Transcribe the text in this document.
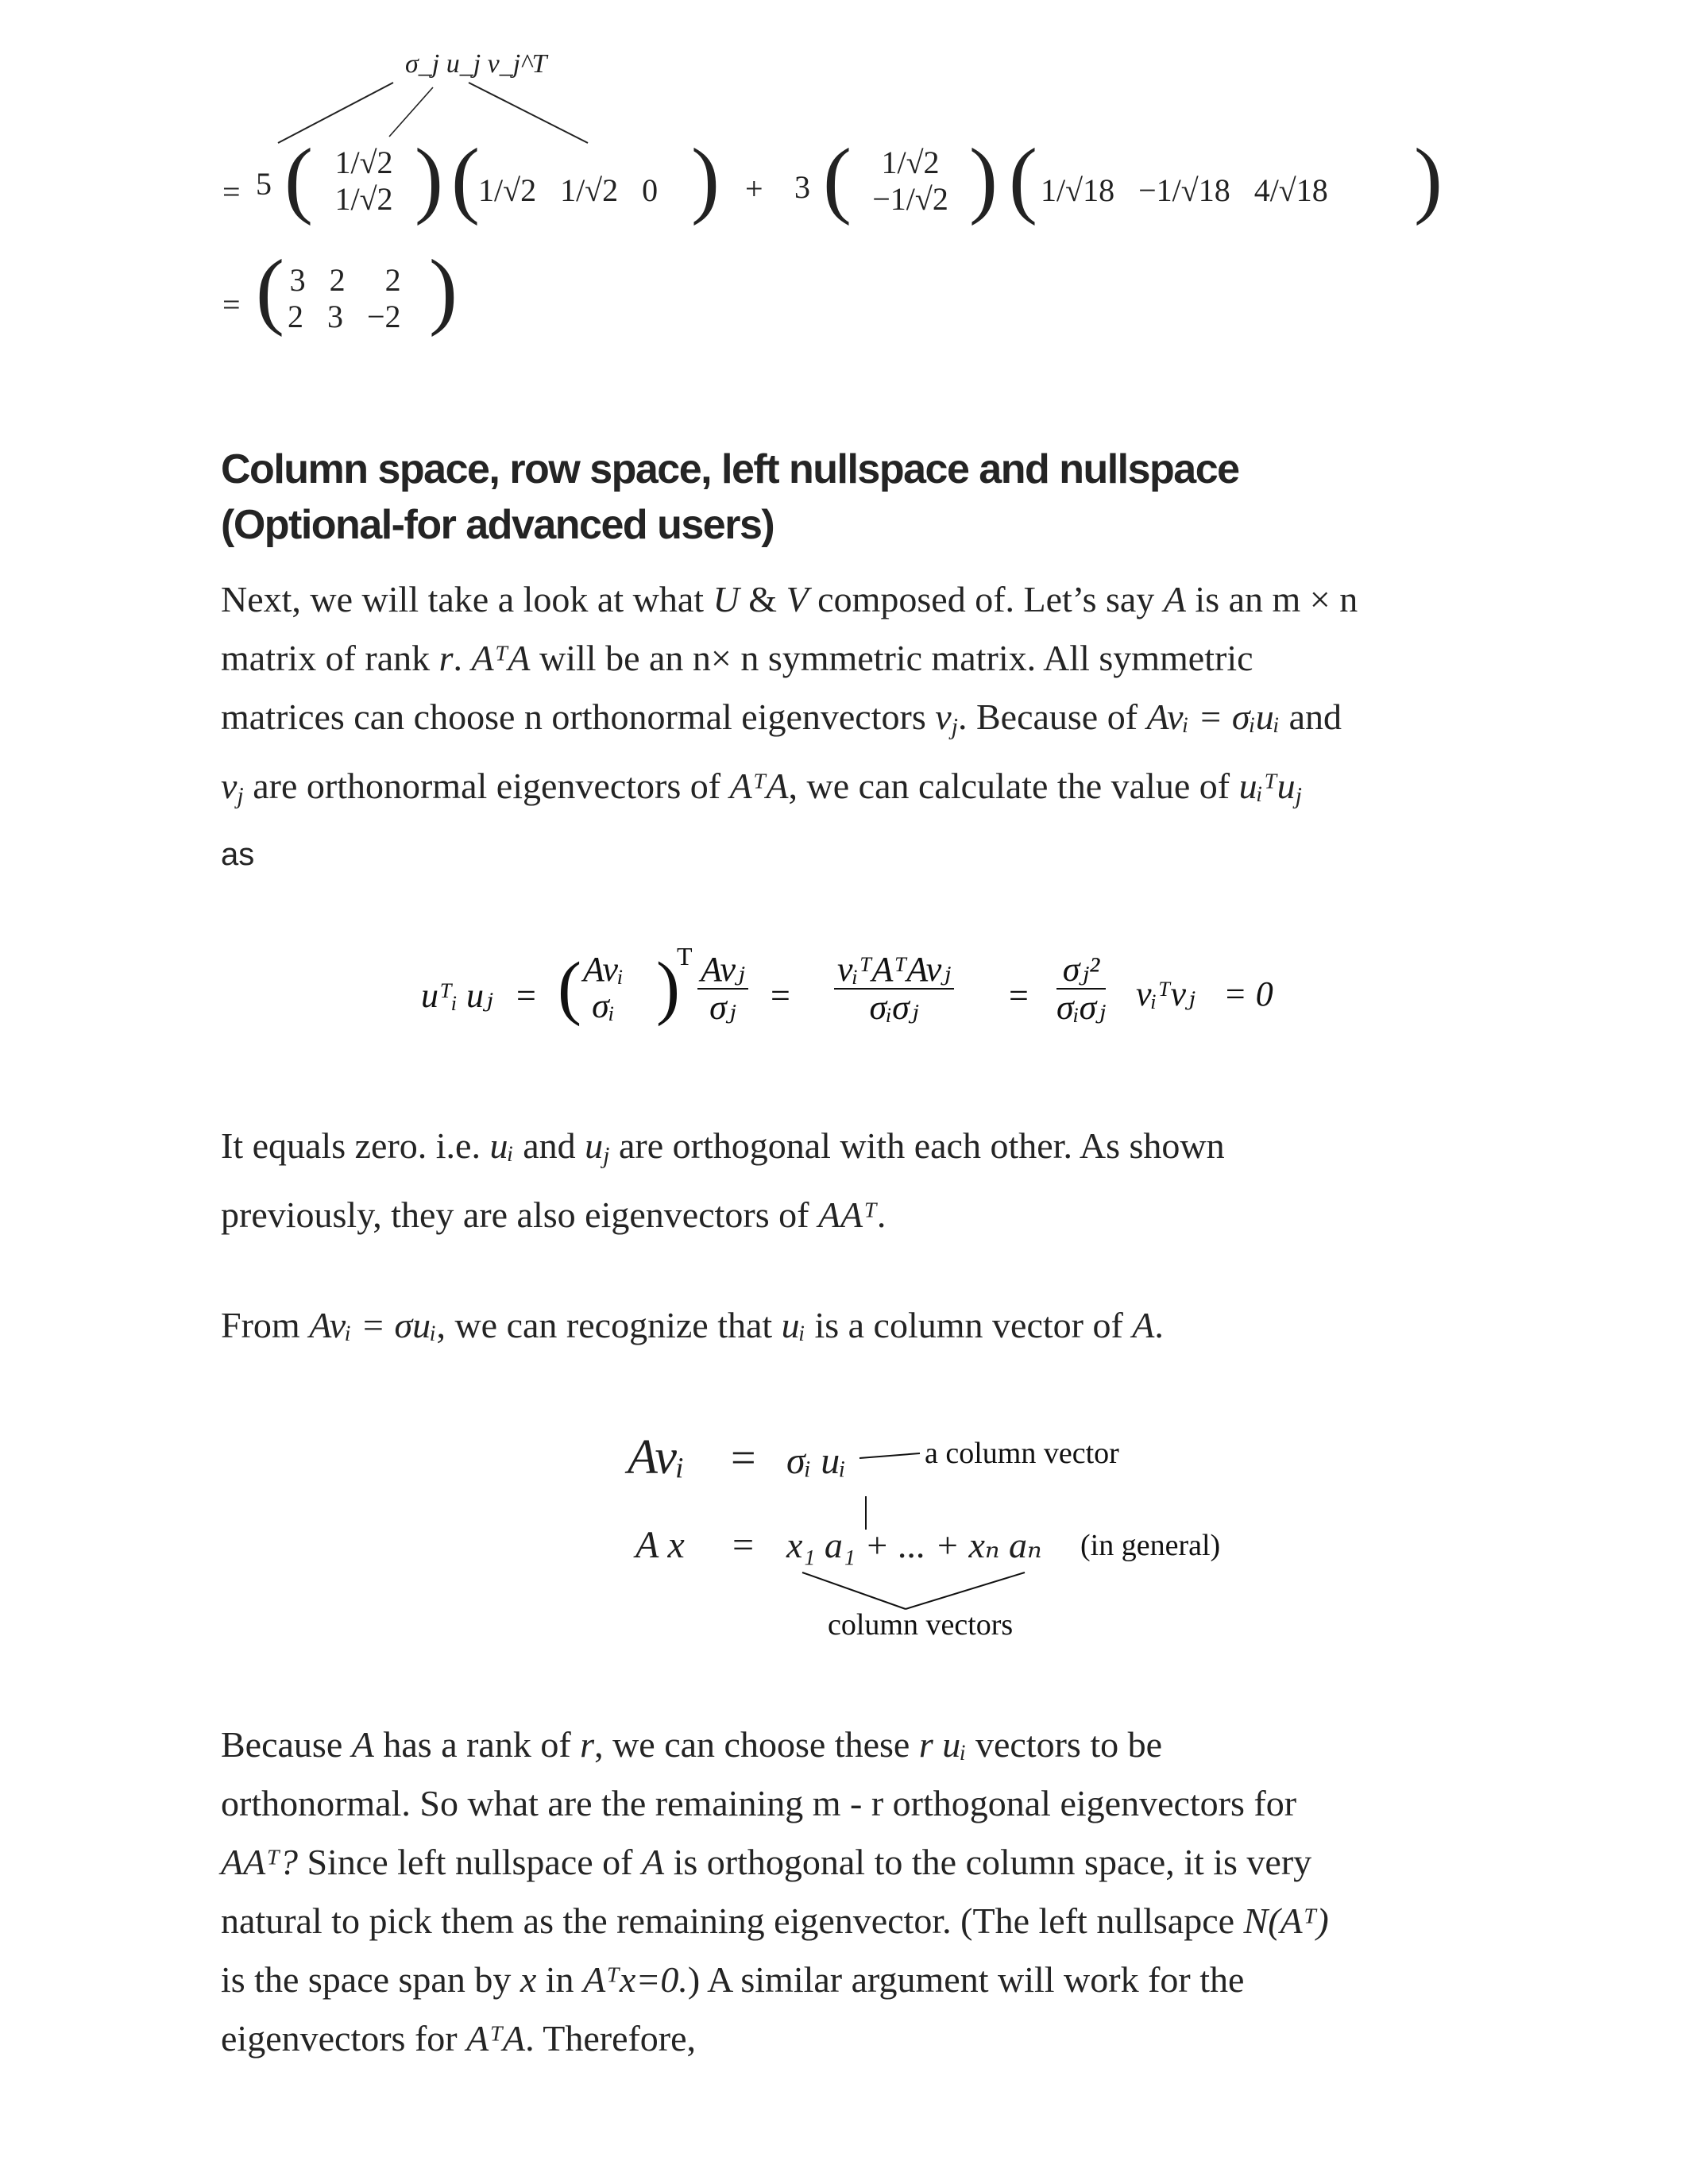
σ_j u_j v_j^T
= 5 ( 1/√2
1/√2 ) (
1/√2   1/√2   0 ) + 3 ( 1/√2
−1/√2 ) ( 1/√18   −1/√18   4/√18 )
= ( 3   2     2
2   3   −2 )
Column space, row space, left nullspace and nullspace
(Optional-for advanced users)
Next, we will take a look at what U & V composed of. Let’s say A is an m × n
matrix of rank r. AᵀA will be an n× n symmetric matrix. All symmetric
matrices can choose n orthonormal eigenvectors $v_j$. Because of Avᵢ = σᵢuᵢ and
$v_j$ are orthonormal eigenvectors of AᵀA, we can calculate the value of uᵢᵀu$_j$
as
uᵀᵢ uⱼ = ( Avᵢ
σᵢ )
T Avⱼ
σⱼ =
vᵢᵀAᵀAvⱼ
σᵢσⱼ	=
σⱼ²
σᵢσⱼ vᵢᵀvⱼ = 0
It equals zero. i.e. uᵢ and $u_j$ are orthogonal with each other. As shown
previously, they are also eigenvectors of AAᵀ.
From Avᵢ = σuᵢ, we can recognize that uᵢ is a column vector of A.
Avᵢ = σᵢ uᵢ	a column vector
A x = x₁ a₁ + ... + xₙ aₙ (in general)
column vectors
Because A has a rank of r, we can choose these r uᵢ vectors to be
orthonormal. So what are the remaining m - r orthogonal eigenvectors for
AAᵀ? Since left nullspace of A is orthogonal to the column space, it is very
natural to pick them as the remaining eigenvector. (The left nullsapce N(Aᵀ)
is the space span by x in Aᵀx=0.) A similar argument will work for the
eigenvectors for AᵀA. Therefore,
